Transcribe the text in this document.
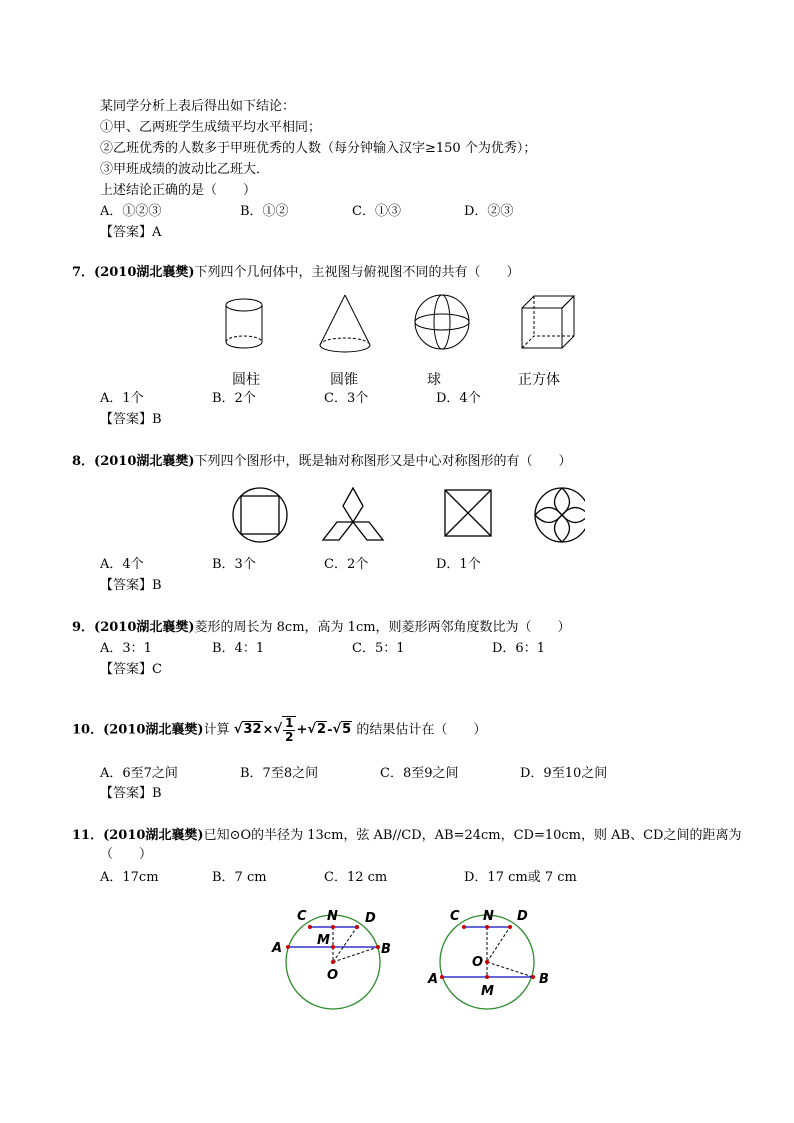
某同学分析上表后得出如下结论：
①甲、乙两班学生成绩平均水平相同；
②乙班优秀的人数多于甲班优秀的人数（每分钟输入汉字≥150 个为优秀）；
③甲班成绩的波动比乙班大．
上述结论正确的是（　　）
A．①②③	B．①②	C．①③	D．②③
【答案】A
7．(2010湖北襄樊)下列四个几何体中，主视图与俯视图不同的共有（　　）
圆柱	圆锥	球	正方体
A．1个	B．2个	C．3个	D．4个
【答案】B
8．(2010湖北襄樊)下列四个图形中，既是轴对称图形又是中心对称图形的有（　　）
A．4个	B．3个	C．2个	D．1个
【答案】B
9．(2010湖北襄樊)菱形的周长为 8cm，高为 1cm，则菱形两邻角度数比为（　　）
A．3：1	B．4：1	C．5：1	D．6：1
【答案】C
10．(2010湖北襄樊)计算 $√32\times√ \frac{1}{2} +√2-√5$ 的结果估计在（　　）
A．6至7之间	B．7至8之间	C．8至9之间	D．9至10之间
【答案】B
11．(2010湖北襄樊)已知⊙O的半径为 13cm，弦 AB//CD，AB=24cm，CD=10cm，则 AB、CD之间的距离为
（　　）
A．17cm	B．7 cm	C．12 cm	D．17 cm或 7 cm
C N D
M
A	B
O
C N D
O
A	B
M
